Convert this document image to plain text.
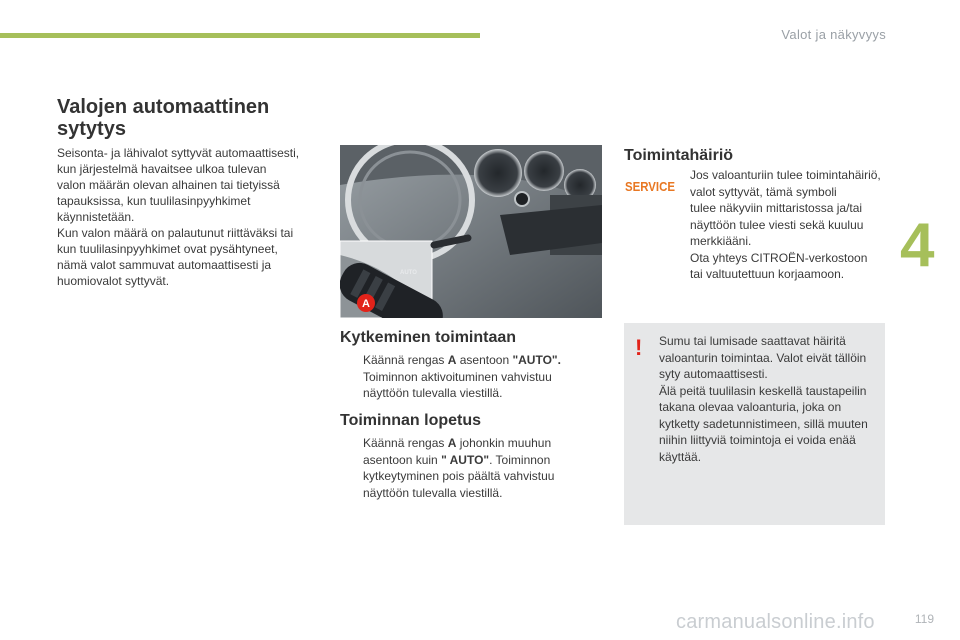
Valot ja näkyvyys
4
119
carmanualsonline.info
Valojen automaattinen sytytys

Seisonta- ja lähivalot syttyvät automaattisesti,

kun järjestelmä havaitsee ulkoa tulevan

valon määrän olevan alhainen tai tietyissä

tapauksissa, kun tuulilasinpyyhkimet

käynnistetään.

Kun valon määrä on palautunut riittäväksi tai

kun tuulilasinpyyhkimet ovat pysähtyneet,

nämä valot sammuvat automaattisesti ja

huomiovalot syttyvät.

AUTO
A
Kytkeminen toimintaan
Käännä rengas A asentoon "AUTO".
Toiminnon aktivoituminen vahvistuu
näyttöön tulevalla viestillä.
Toiminnan lopetus
Käännä rengas A johonkin muuhun
asentoon kuin " AUTO". Toiminnon
kytkeytyminen pois päältä vahvistuu
näyttöön tulevalla viestillä.
Toimintahäiriö
SERVICE

Jos valoanturiin tulee toimintahäiriö,

valot syttyvät, tämä symboli

tulee näkyviin mittaristossa ja/tai

näyttöön tulee viesti sekä kuuluu

merkkiääni.

Ota yhteys CITROËN-verkostoon

tai valtuutettuun korjaamoon.

! Sumu tai lumisade saattavat häiritä

valoanturin toimintaa. Valot eivät tällöin

syty automaattisesti.

Älä peitä tuulilasin keskellä taustapeilin

takana olevaa valoanturia, joka on

kytketty sadetunnistimeen, sillä muuten

niihin liittyviä toimintoja ei voida enää

käyttää.
